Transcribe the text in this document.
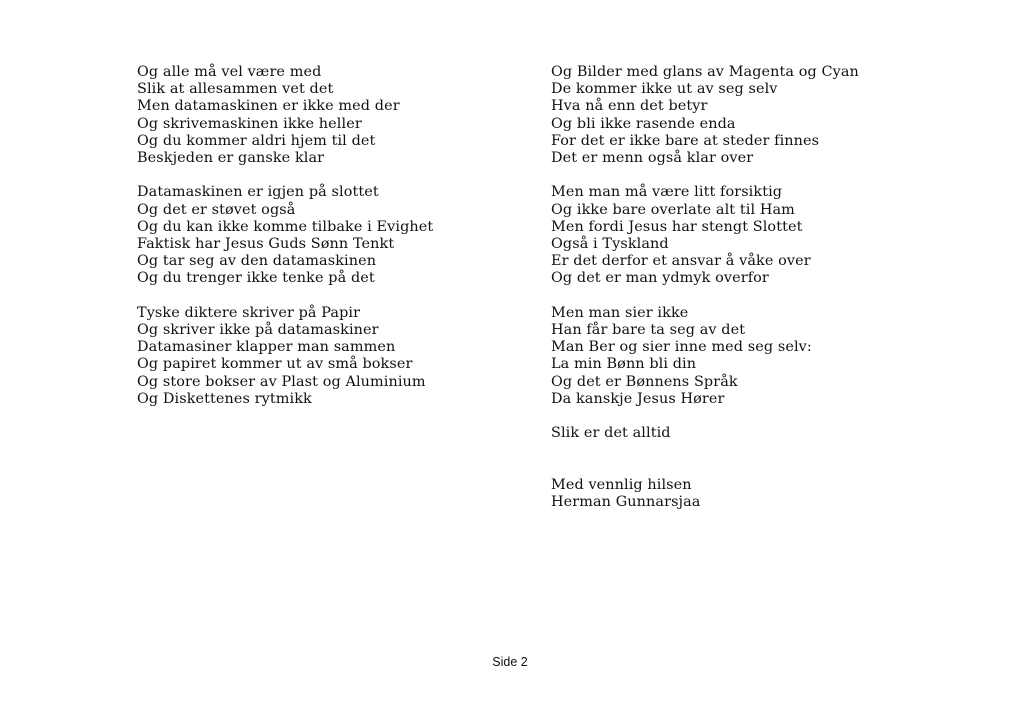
Og alle må vel være med
Slik at allesammen vet det
Men datamaskinen er ikke med der
Og skrivemaskinen ikke heller
Og du kommer aldri hjem til det
Beskjeden er ganske klar
Datamaskinen er igjen på slottet
Og det er støvet også
Og du kan ikke komme tilbake i Evighet
Faktisk har Jesus Guds Sønn Tenkt
Og tar seg av den datamaskinen
Og du trenger ikke tenke på det
Tyske diktere skriver på Papir
Og skriver ikke på datamaskiner
Datamasiner klapper man sammen
Og papiret kommer ut av små bokser
Og store bokser av Plast og Aluminium
Og Diskettenes rytmikk
Og Bilder med glans av Magenta og Cyan
De kommer ikke ut av seg selv
Hva nå enn det betyr
Og bli ikke rasende enda
For det er ikke bare at steder finnes
Det er menn også klar over
Men man må være litt forsiktig
Og ikke bare overlate alt til Ham
Men fordi Jesus har stengt Slottet
Også i Tyskland
Er det derfor et ansvar å våke over
Og det er man ydmyk overfor
Men man sier ikke
Han får bare ta seg av det
Man Ber og sier inne med seg selv:
La min Bønn bli din
Og det er Bønnens Språk
Da kanskje Jesus Hører
Slik er det alltid
Med vennlig hilsen
Herman Gunnarsjaa
Side 2
